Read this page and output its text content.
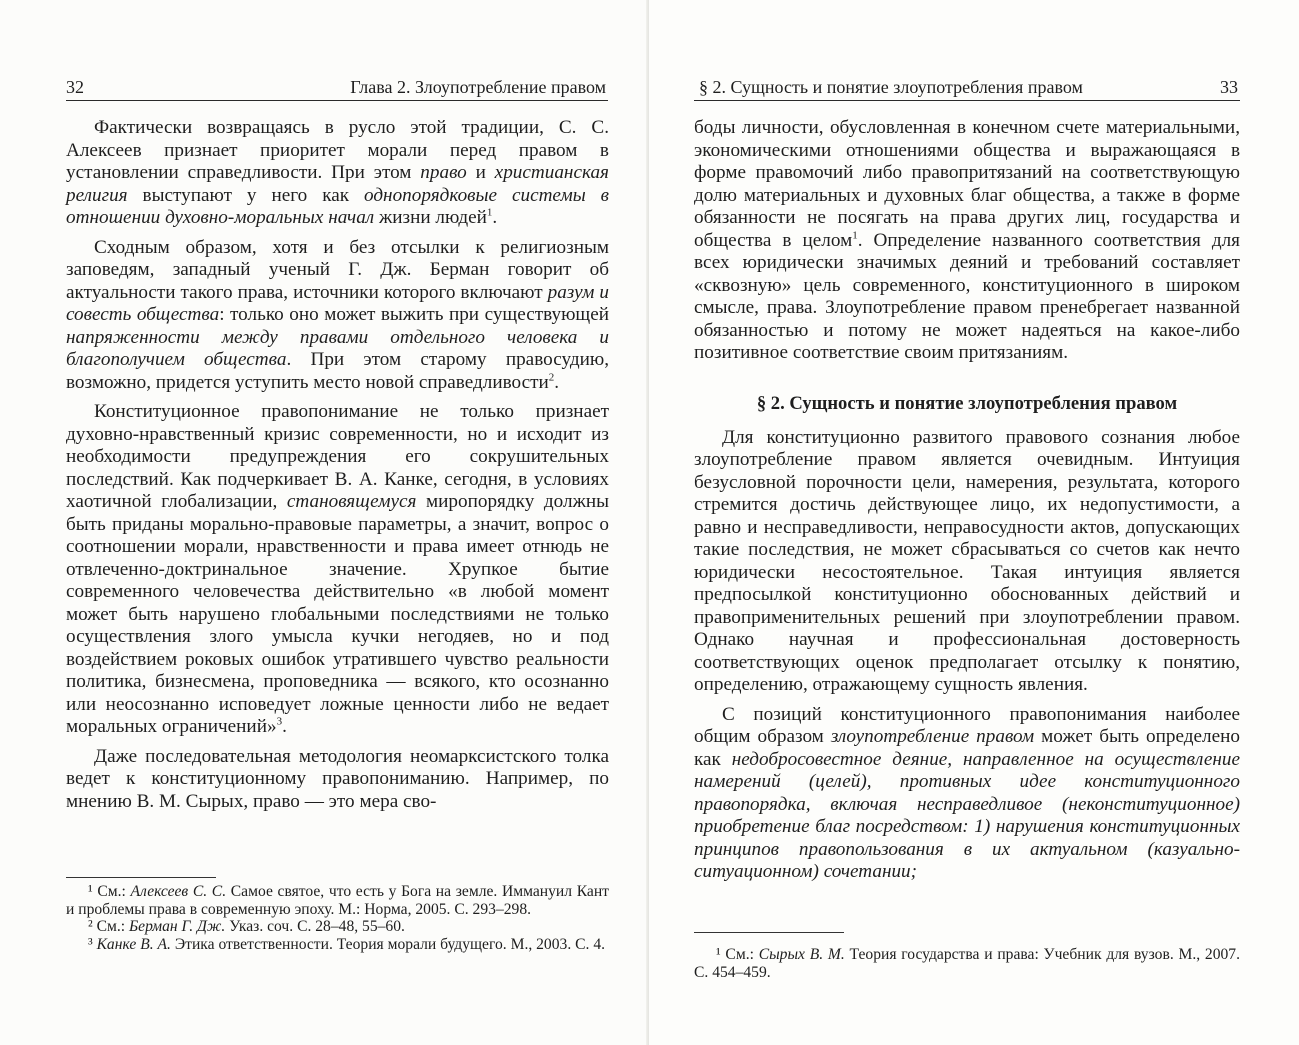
32	Глава 2. Злоупотребление правом

Фактически возвращаясь в русло этой традиции, С. С. Алексеев признает приоритет морали перед правом в установлении справедливости. При этом право и христианская религия выступают у него как однопорядковые системы в отношении духовно-моральных начал жизни людей$^1$.

Сходным образом, хотя и без отсылки к религиозным заповедям, западный ученый Г. Дж. Берман говорит об актуальности такого права, источники которого включают разум и совесть общества: только оно может выжить при существующей напряженности между правами отдельного человека и благополучием общества. При этом старому правосудию, возможно, придется уступить место новой справедливости$^2$.

Конституционное правопонимание не только признает духовно-нравственный кризис современности, но и исходит из необходимости предупреждения его сокрушительных последствий. Как подчеркивает В. А. Канке, сегодня, в условиях хаотичной глобализации, становящемуся миропорядку должны быть приданы морально-правовые параметры, а значит, вопрос о соотношении морали, нравственности и права имеет отнюдь не отвлеченно-доктринальное значение. Хрупкое бытие современного человечества действительно «в любой момент может быть нарушено глобальными последствиями не только осуществления злого умысла кучки негодяев, но и под воздействием роковых ошибок утратившего чувство реальности политика, бизнесмена, проповедника — всякого, кто осознанно или неосознанно исповедует ложные ценности либо не ведает моральных ограничений»$^3$.

Даже последовательная методология неомарксистского толка ведет к конституционному правопониманию. Например, по мнению В. М. Сырых, право — это мера сво-

¹ См.: Алексеев С. С. Самое святое, что есть у Бога на земле. Иммануил Кант и проблемы права в современную эпоху. М.: Норма, 2005. С. 293–298.

² См.: Берман Г. Дж. Указ. соч. С. 28–48, 55–60.

³ Канке В. А. Этика ответственности. Теория морали будущего. М., 2003. С. 4.

§ 2. Сущность и понятие злоупотребления правом	33

боды личности, обусловленная в конечном счете материальными, экономическими отношениями общества и выражающаяся в форме правомочий либо правопритязаний на соответствующую долю материальных и духовных благ общества, а также в форме обязанности не посягать на права других лиц, государства и общества в целом$^1$. Определение названного соответствия для всех юридически значимых деяний и требований составляет «сквозную» цель современного, конституционного в широком смысле, права. Злоупотребление правом пренебрегает названной обязанностью и потому не может надеяться на какое-либо позитивное соответствие своим притязаниям.

§ 2. Сущность и понятие злоупотребления правом

Для конституционно развитого правового сознания любое злоупотребление правом является очевидным. Интуиция безусловной порочности цели, намерения, результата, которого стремится достичь действующее лицо, их недопустимости, а равно и несправедливости, неправосудности актов, допускающих такие последствия, не может сбрасываться со счетов как нечто юридически несостоятельное. Такая интуиция является предпосылкой конституционно обоснованных действий и правоприменительных решений при злоупотреблении правом. Однако научная и профессиональная достоверность соответствующих оценок предполагает отсылку к понятию, определению, отражающему сущность явления.

С позиций конституционного правопонимания наиболее общим образом злоупотребление правом может быть определено как недобросовестное деяние, направленное на осуществление намерений (целей), противных идее конституционного правопорядка, включая несправедливое (неконституционное) приобретение благ посредством: 1) нарушения конституционных принципов правопользования в их актуальном (казуально-ситуационном) сочетании;

¹ См.: Сырых В. М. Теория государства и права: Учебник для вузов. М., 2007. С. 454–459.
